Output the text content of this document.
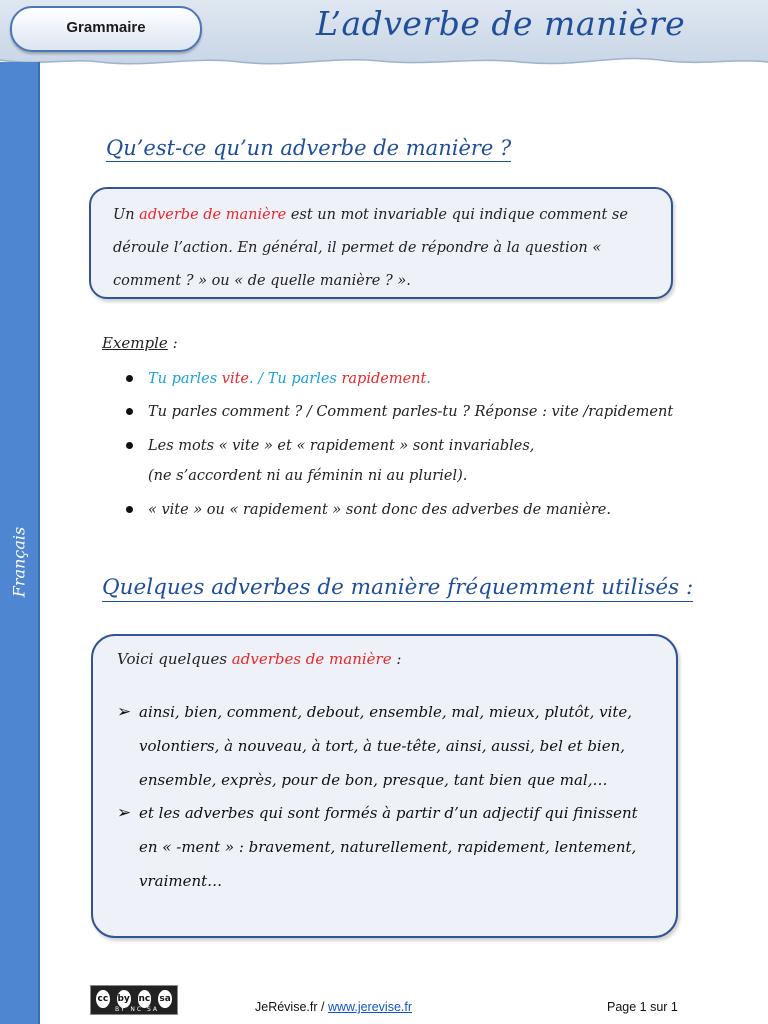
Grammaire	L’adverbe de manière
Français
Qu’est-ce qu’un adverbe de manière ?
Un adverbe de manière est un mot invariable qui indique comment se déroule l’action. En général, il permet de répondre à la question « comment ? » ou « de quelle manière ? ».
Exemple :
Tu parles vite. / Tu parles rapidement.
Tu parles comment ? / Comment parles-tu ? Réponse : vite /rapidement
Les mots « vite » et « rapidement » sont invariables,
(ne s’accordent ni au féminin ni au pluriel).
« vite » ou « rapidement » sont donc des adverbes de manière.
Quelques adverbes de manière fréquemment utilisés :
Voici quelques adverbes de manière :
➢ ainsi, bien, comment, debout, ensemble, mal, mieux, plutôt, vite, volontiers, à nouveau, à tort, à tue-tête, ainsi, aussi, bel et bien, ensemble, exprès, pour de bon, presque, tant bien que mal,…
➢ et les adverbes qui sont formés à partir d’un adjectif qui finissent en « -ment » : bravement, naturellement, rapidement, lentement, vraiment…
cc	by nc	sa
BY NC SA	JeRévise.fr / www.jerevise.fr	Page 1 sur 1
